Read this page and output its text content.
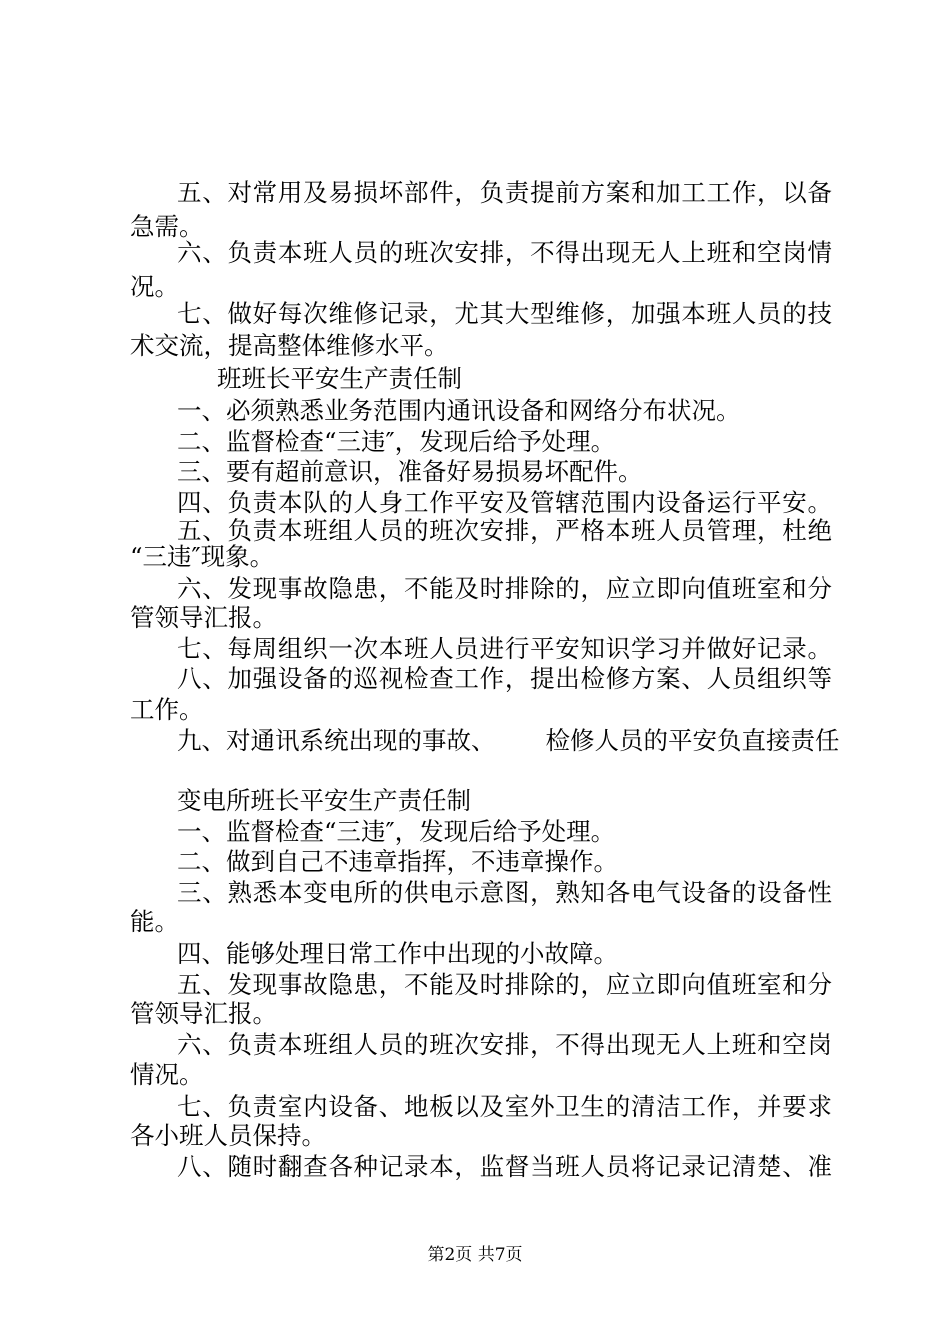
五、对常用及易损坏部件，负责提前方案和加工工作，以备
急需。
六、负责本班人员的班次安排，不得出现无人上班和空岗情
况。
七、做好每次维修记录，尤其大型维修，加强本班人员的技
术交流，提高整体维修水平。
班班长平安生产责任制
一、必须熟悉业务范围内通讯设备和网络分布状况。
二、监督检查“三违″，发现后给予处理。
三、要有超前意识，准备好易损易坏配件。
四、负责本队的人身工作平安及管辖范围内设备运行平安。
五、负责本班组人员的班次安排，严格本班人员管理，杜绝
“三违″现象。
六、发现事故隐患，不能及时排除的，应立即向值班室和分
管领导汇报。
七、每周组织一次本班人员进行平安知识学习并做好记录。
八、加强设备的巡视检查工作，提出检修方案、人员组织等
工作。
九、对通讯系统出现的事故、 检修人员的平安负直接责任
变电所班长平安生产责任制
一、监督检查“三违″，发现后给予处理。
二、做到自己不违章指挥，不违章操作。
三、熟悉本变电所的供电示意图，熟知各电气设备的设备性
能。
四、能够处理日常工作中出现的小故障。
五、发现事故隐患，不能及时排除的，应立即向值班室和分
管领导汇报。
六、负责本班组人员的班次安排，不得出现无人上班和空岗
情况。
七、负责室内设备、地板以及室外卫生的清洁工作，并要求
各小班人员保持。
八、随时翻查各种记录本，监督当班人员将记录记清楚、准
第2页 共7页
